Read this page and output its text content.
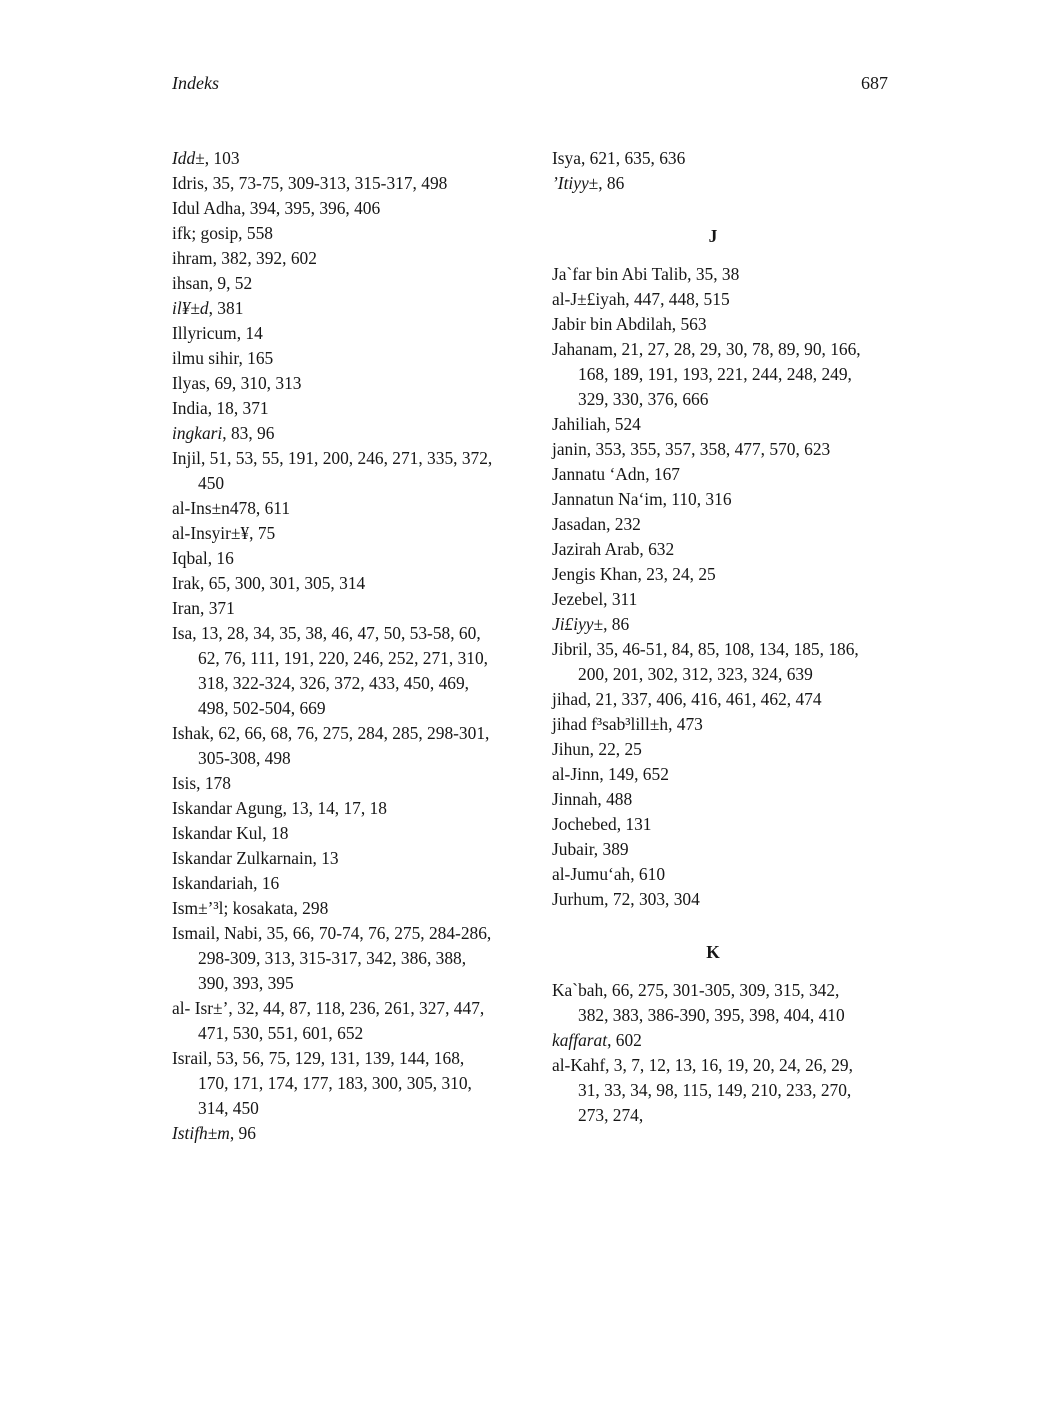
Indeks	687
Idd±, 103
Idris, 35, 73-75, 309-313, 315-317, 498
Idul Adha, 394, 395, 396, 406
ifk; gosip, 558
ihram, 382, 392, 602
ihsan, 9, 52
il¥±d, 381
Illyricum, 14
ilmu sihir, 165
Ilyas, 69, 310, 313
India, 18, 371
ingkari, 83, 96
Injil, 51, 53, 55, 191, 200, 246, 271, 335, 372, 450
al-Ins±n478, 611
al-Insyir±¥, 75
Iqbal, 16
Irak, 65, 300, 301, 305, 314
Iran, 371
Isa, 13, 28, 34, 35, 38, 46, 47, 50, 53-58, 60, 62, 76, 111, 191, 220, 246, 252, 271, 310, 318, 322-324, 326, 372, 433, 450, 469, 498, 502-504, 669
Ishak, 62, 66, 68, 76, 275, 284, 285, 298-301, 305-308, 498
Isis, 178
Iskandar Agung, 13, 14, 17, 18
Iskandar Kul, 18
Iskandar Zulkarnain, 13
Iskandariah, 16
Ism±’³l; kosakata, 298
Ismail, Nabi, 35, 66, 70-74, 76, 275, 284-286, 298-309, 313, 315-317, 342, 386, 388, 390, 393, 395
al- Isr±’, 32, 44, 87, 118, 236, 261, 327, 447, 471, 530, 551, 601, 652
Israil, 53, 56, 75, 129, 131, 139, 144, 168, 170, 171, 174, 177, 183, 300, 305, 310, 314, 450
Istifh±m, 96
Isya, 621, 635, 636
’Itiyy±, 86
J
Ja`far bin Abi Talib, 35, 38
al-J±£iyah, 447, 448, 515
Jabir bin Abdilah, 563
Jahanam, 21, 27, 28, 29, 30, 78, 89, 90, 166, 168, 189, 191, 193, 221, 244, 248, 249, 329, 330, 376, 666
Jahiliah, 524
janin, 353, 355, 357, 358, 477, 570, 623
Jannatu ‘Adn, 167
Jannatun Na‘im, 110, 316
Jasadan, 232
Jazirah Arab, 632
Jengis Khan, 23, 24, 25
Jezebel, 311
Ji£iyy±, 86
Jibril, 35, 46-51, 84, 85, 108, 134, 185, 186, 200, 201, 302, 312, 323, 324, 639
jihad, 21, 337, 406, 416, 461, 462, 474
jihad f³sab³lill±h, 473
Jihun, 22, 25
al-Jinn, 149, 652
Jinnah, 488
Jochebed, 131
Jubair, 389
al-Jumu‘ah, 610
Jurhum, 72, 303, 304
K
Ka`bah, 66, 275, 301-305, 309, 315, 342, 382, 383, 386-390, 395, 398, 404, 410
kaffarat, 602
al-Kahf, 3, 7, 12, 13, 16, 19, 20, 24, 26, 29, 31, 33, 34, 98, 115, 149, 210, 233, 270, 273, 274,
